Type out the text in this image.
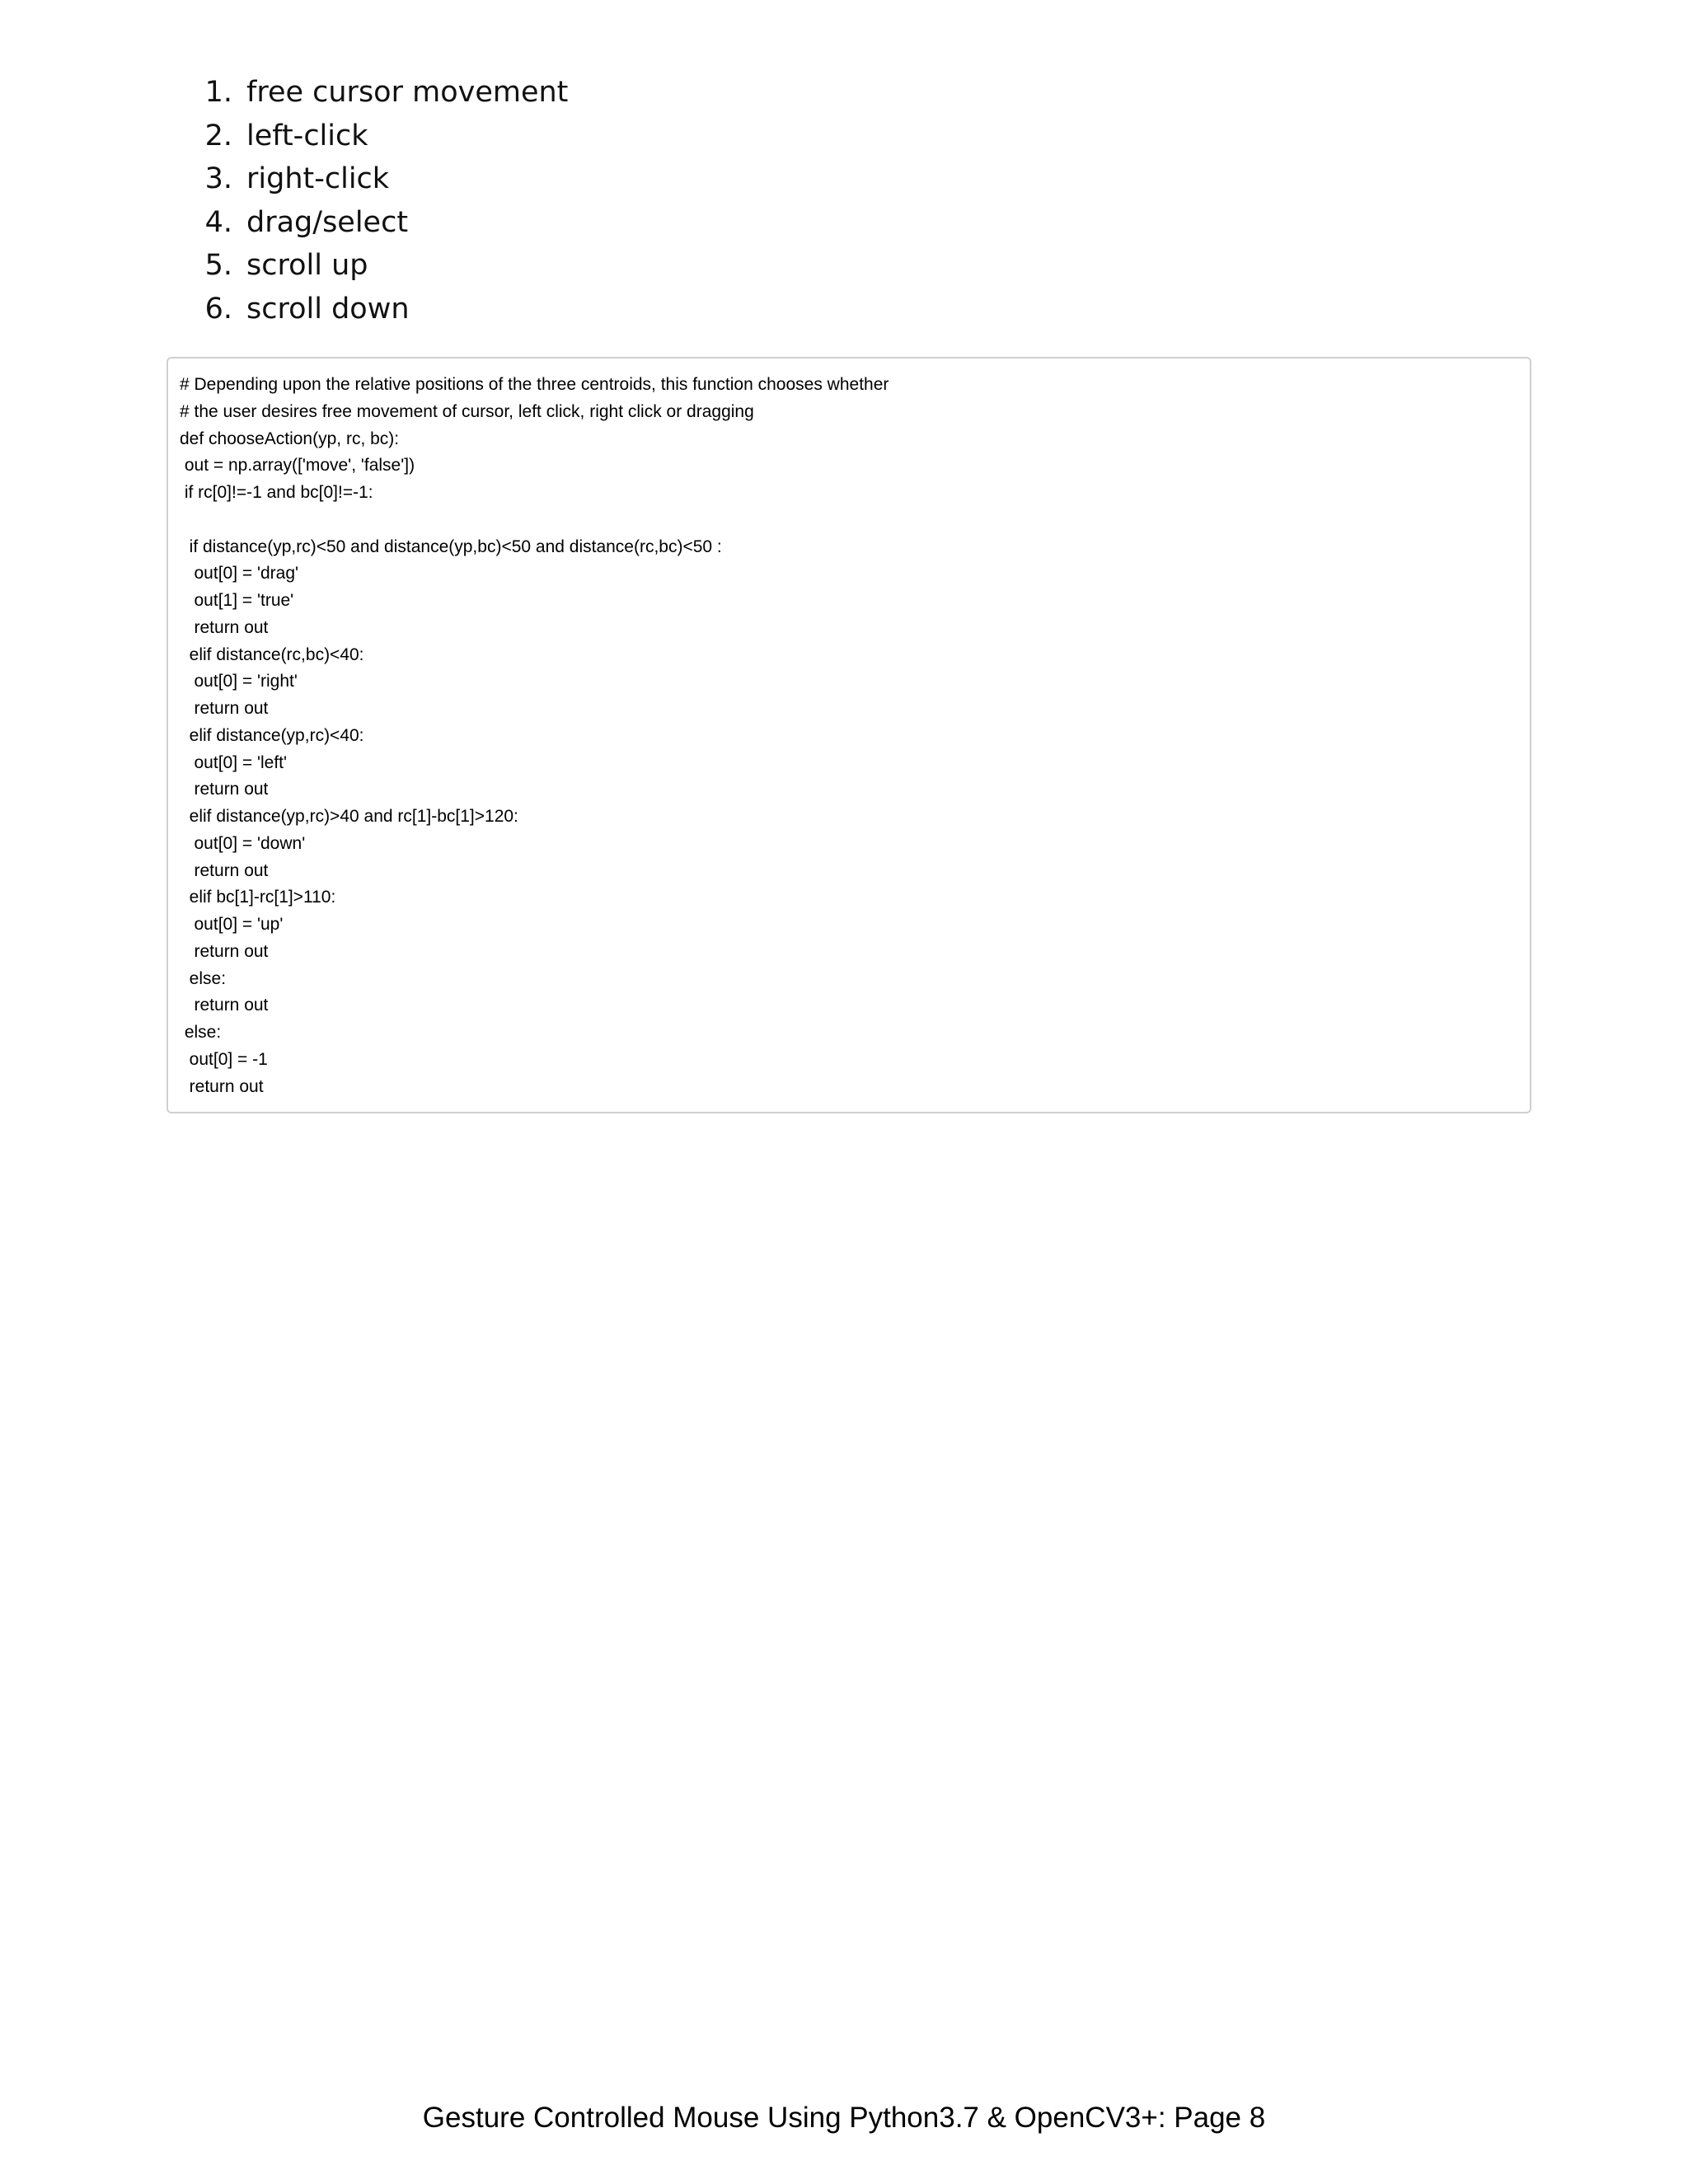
1. free cursor movement
2. left-click
3. right-click
4. drag/select
5. scroll up
6. scroll down
# Depending upon the relative positions of the three centroids, this function chooses whether
# the user desires free movement of cursor, left click, right click or dragging
def chooseAction(yp, rc, bc):
out = np.array(['move', 'false'])
if rc[0]!=-1 and bc[0]!=-1:
if distance(yp,rc)<50 and distance(yp,bc)<50 and distance(rc,bc)<50 :
out[0] = 'drag'
out[1] = 'true'
return out
elif distance(rc,bc)<40:
out[0] = 'right'
return out
elif distance(yp,rc)<40:
out[0] = 'left'
return out
elif distance(yp,rc)>40 and rc[1]-bc[1]>120:
out[0] = 'down'
return out
elif bc[1]-rc[1]>110:
out[0] = 'up'
return out
else:
return out
else:
out[0] = -1
return out
Gesture Controlled Mouse Using Python3.7 & OpenCV3+: Page 8
